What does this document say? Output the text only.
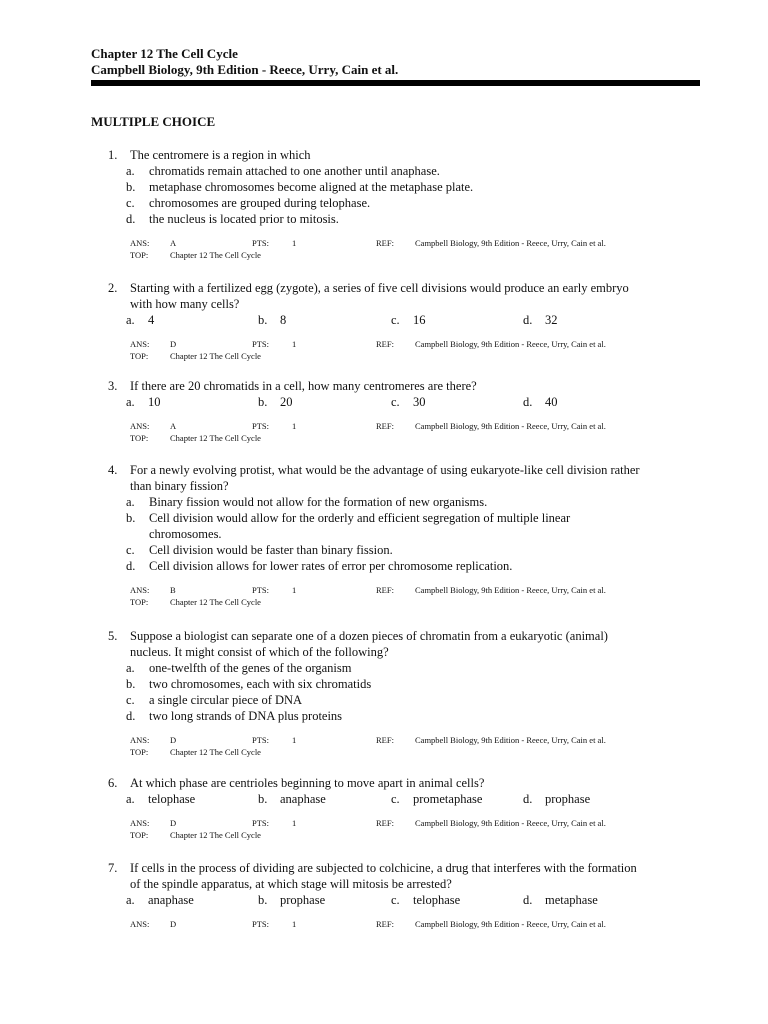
Chapter 12 The Cell Cycle
Campbell Biology, 9th Edition - Reece, Urry, Cain et al.
MULTIPLE CHOICE
1. The centromere is a region in which
a. chromatids remain attached to one another until anaphase.
b. metaphase chromosomes become aligned at the metaphase plate.
c. chromosomes are grouped during telophase.
d. the nucleus is located prior to mitosis.
ANS: A	PTS:	1	REF: Campbell Biology, 9th Edition - Reece, Urry, Cain et al.
TOP:	Chapter 12 The Cell Cycle
2. Starting with a fertilized egg (zygote), a series of five cell divisions would produce an early embryo
with how many cells?
a. 4	b. 8	c. 16	d. 32
ANS: D	PTS:	1	REF: Campbell Biology, 9th Edition - Reece, Urry, Cain et al.
TOP:	Chapter 12 The Cell Cycle
3. If there are 20 chromatids in a cell, how many centromeres are there?
a. 10	b. 20	c. 30	d. 40
ANS: A	PTS:	1	REF: Campbell Biology, 9th Edition - Reece, Urry, Cain et al.
TOP:	Chapter 12 The Cell Cycle
4. For a newly evolving protist, what would be the advantage of using eukaryote-like cell division rather
than binary fission?
a. Binary fission would not allow for the formation of new organisms.
b. Cell division would allow for the orderly and efficient segregation of multiple linear
chromosomes.
c. Cell division would be faster than binary fission.
d. Cell division allows for lower rates of error per chromosome replication.
ANS: B	PTS:	1	REF: Campbell Biology, 9th Edition - Reece, Urry, Cain et al.
TOP:	Chapter 12 The Cell Cycle
5. Suppose a biologist can separate one of a dozen pieces of chromatin from a eukaryotic (animal)
nucleus. It might consist of which of the following?
a. one-twelfth of the genes of the organism
b. two chromosomes, each with six chromatids
c. a single circular piece of DNA
d. two long strands of DNA plus proteins
ANS: D	PTS:	1	REF: Campbell Biology, 9th Edition - Reece, Urry, Cain et al.
TOP:	Chapter 12 The Cell Cycle
6. At which phase are centrioles beginning to move apart in animal cells?
a. telophase	b. anaphase	c. prometaphase	d. prophase
ANS: D	PTS:	1	REF: Campbell Biology, 9th Edition - Reece, Urry, Cain et al.
TOP:	Chapter 12 The Cell Cycle
7. If cells in the process of dividing are subjected to colchicine, a drug that interferes with the formation
of the spindle apparatus, at which stage will mitosis be arrested?
a. anaphase	b. prophase	c. telophase	d. metaphase
ANS: D	PTS:	1	REF: Campbell Biology, 9th Edition - Reece, Urry, Cain et al.
